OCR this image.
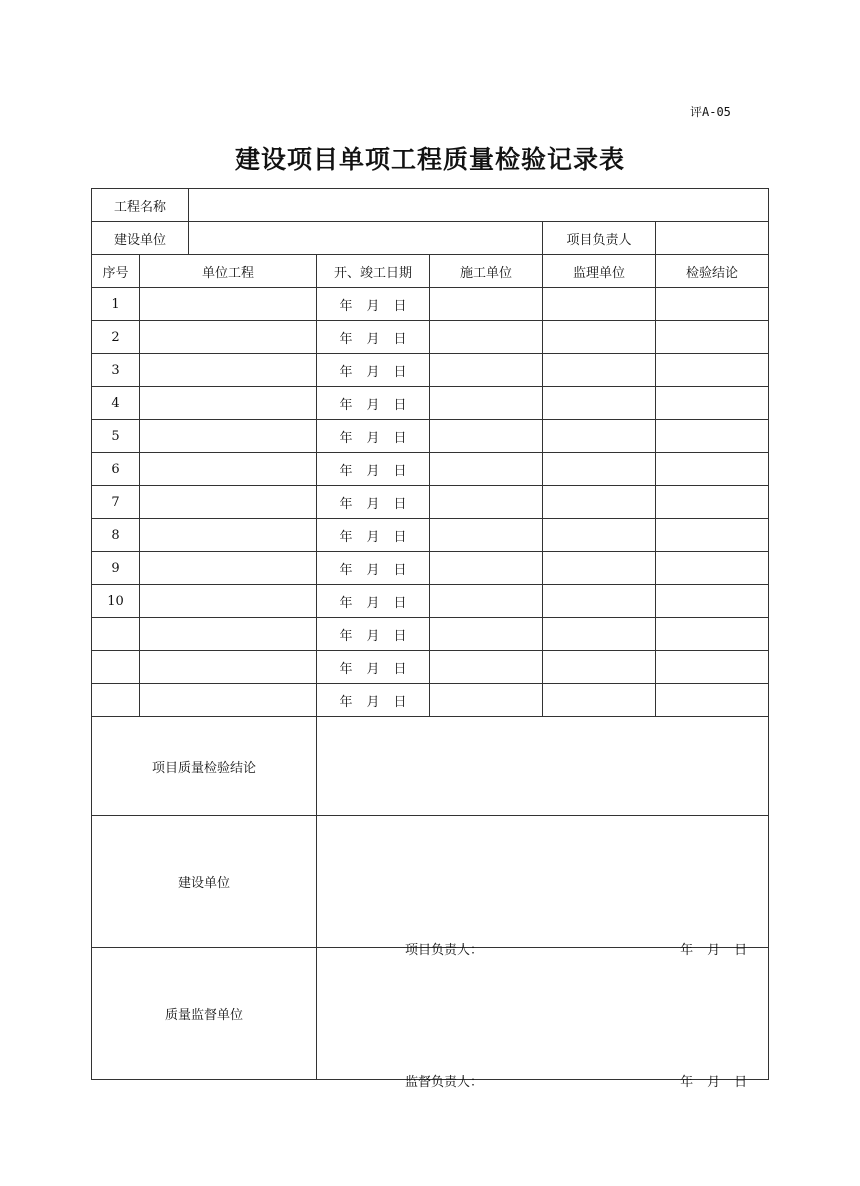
评A-05
建设项目单项工程质量检验记录表
工程名称						
建设单位					项目负责人	
序号	单位工程		开、竣工日期	施工单位	监理单位	检验结论
1			年 月 日			
2			年 月 日			
3			年 月 日			
4			年 月 日			
5			年 月 日			
6			年 月 日			
7			年 月 日			
8			年 月 日			
9			年 月 日			
10			年 月 日			
			年 月 日			
			年 月 日			
			年 月 日			
项目质量检验结论						

建设单位			项目负责人： 年 月 日			

质量监督单位			监督负责人： 年 月 日			
